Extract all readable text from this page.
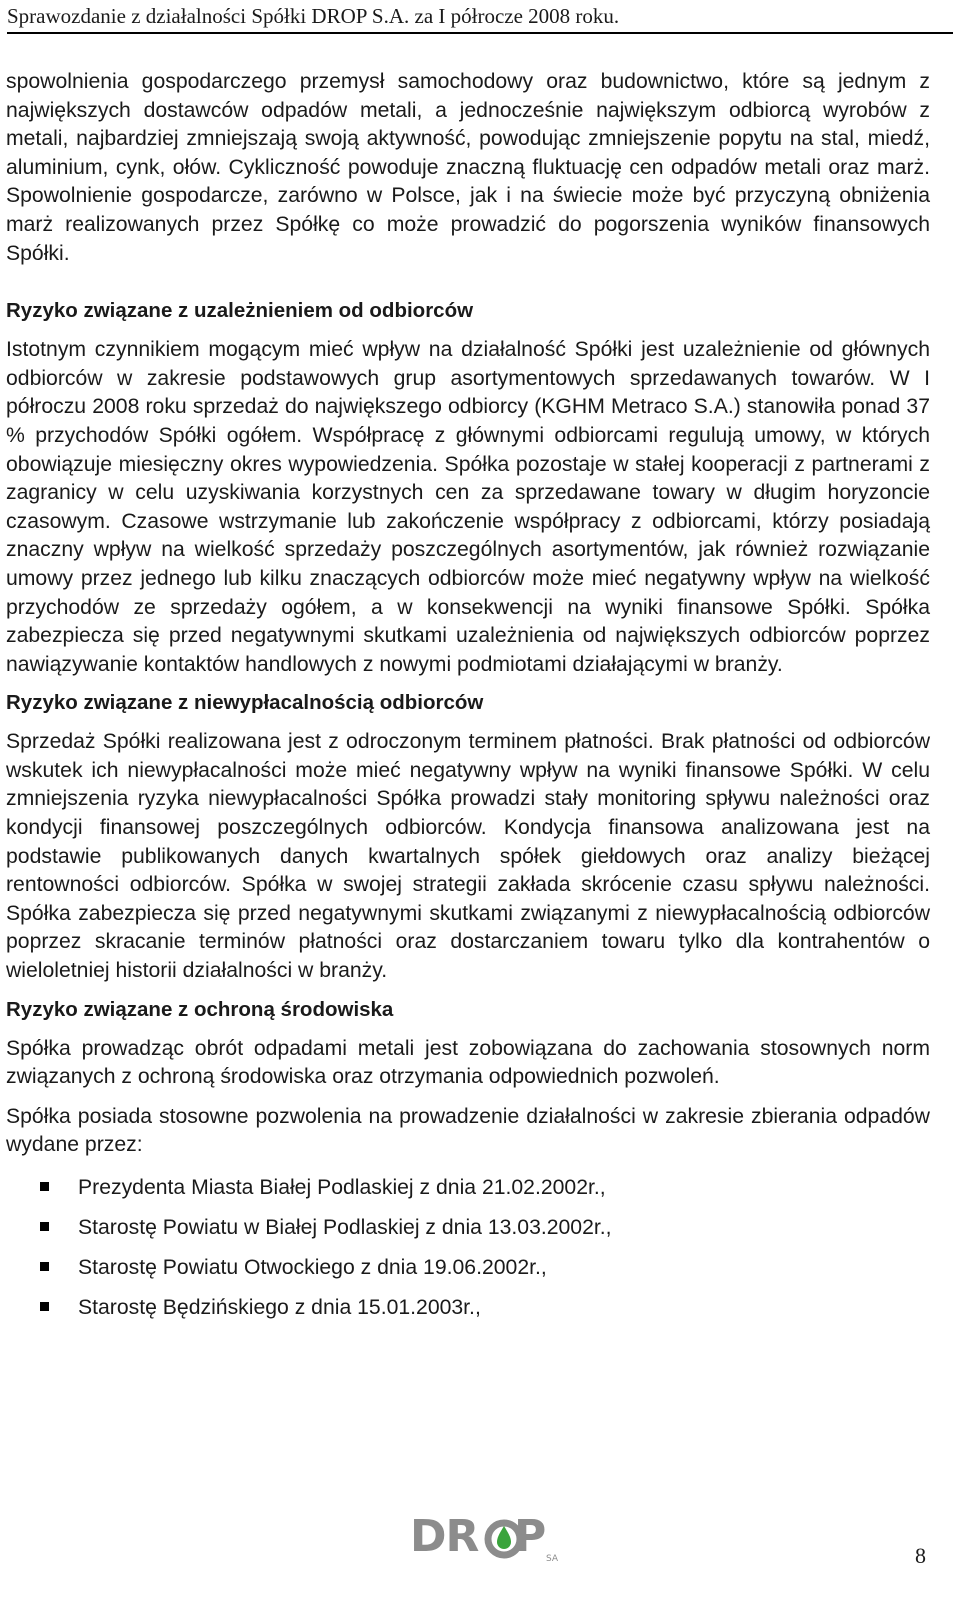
Sprawozdanie z działalności Spółki DROP S.A. za I półrocze 2008 roku.

spowolnienia gospodarczego przemysł samochodowy oraz budownictwo, które są jednym z największych dostawców odpadów metali, a jednocześnie największym odbiorcą wyrobów z metali, najbardziej zmniejszają swoją aktywność, powodując zmniejszenie popytu na stal, miedź, aluminium, cynk, ołów. Cykliczność powoduje znaczną fluktuację cen odpadów metali oraz marż. Spowolnienie gospodarcze, zarówno w Polsce, jak i na świecie może być przyczyną obniżenia marż realizowanych przez Spółkę co może prowadzić do pogorszenia wyników finansowych Spółki.

Ryzyko związane z uzależnieniem od odbiorców

Istotnym czynnikiem mogącym mieć wpływ na działalność Spółki jest uzależnienie od głównych odbiorców w zakresie podstawowych grup asortymentowych sprzedawanych towarów. W I półroczu 2008 roku sprzedaż do największego odbiorcy (KGHM Metraco S.A.) stanowiła ponad 37 % przychodów Spółki ogółem. Współpracę z głównymi odbiorcami regulują umowy, w których obowiązuje miesięczny okres wypowiedzenia. Spółka pozostaje w stałej kooperacji z partnerami z zagranicy w celu uzyskiwania korzystnych cen za sprzedawane towary w długim horyzoncie czasowym. Czasowe wstrzymanie lub zakończenie współpracy z odbiorcami, którzy posiadają znaczny wpływ na wielkość sprzedaży poszczególnych asortymentów, jak również rozwiązanie umowy przez jednego lub kilku znaczących odbiorców może mieć negatywny wpływ na wielkość przychodów ze sprzedaży ogółem, a w konsekwencji na wyniki finansowe Spółki. Spółka zabezpiecza się przed negatywnymi skutkami uzależnienia od największych odbiorców poprzez nawiązywanie kontaktów handlowych z nowymi podmiotami działającymi w branży.

Ryzyko związane z niewypłacalnością odbiorców

Sprzedaż Spółki realizowana jest z odroczonym terminem płatności. Brak płatności od odbiorców wskutek ich niewypłacalności może mieć negatywny wpływ na wyniki finansowe Spółki. W celu zmniejszenia ryzyka niewypłacalności Spółka prowadzi stały monitoring spływu należności oraz kondycji finansowej poszczególnych odbiorców. Kondycja finansowa analizowana jest na podstawie publikowanych danych kwartalnych spółek giełdowych oraz analizy bieżącej rentowności odbiorców. Spółka w swojej strategii zakłada skrócenie czasu spływu należności. Spółka zabezpiecza się przed negatywnymi skutkami związanymi z niewypłacalnością odbiorców poprzez skracanie terminów płatności oraz dostarczaniem towaru tylko dla kontrahentów o wieloletniej historii działalności w branży.

Ryzyko związane z ochroną środowiska

Spółka prowadząc obrót odpadami metali jest zobowiązana do zachowania stosownych norm związanych z ochroną środowiska oraz otrzymania odpowiednich pozwoleń.

Spółka posiada stosowne pozwolenia na prowadzenie działalności w zakresie zbierania odpadów wydane przez:

Prezydenta Miasta Białej Podlaskiej z dnia 21.02.2002r.,
Starostę Powiatu w Białej Podlaskiej z dnia 13.03.2002r.,
Starostę Powiatu Otwockiego z dnia 19.06.2002r.,
Starostę Będzińskiego z dnia 15.01.2003r.,
DR P SA	8
